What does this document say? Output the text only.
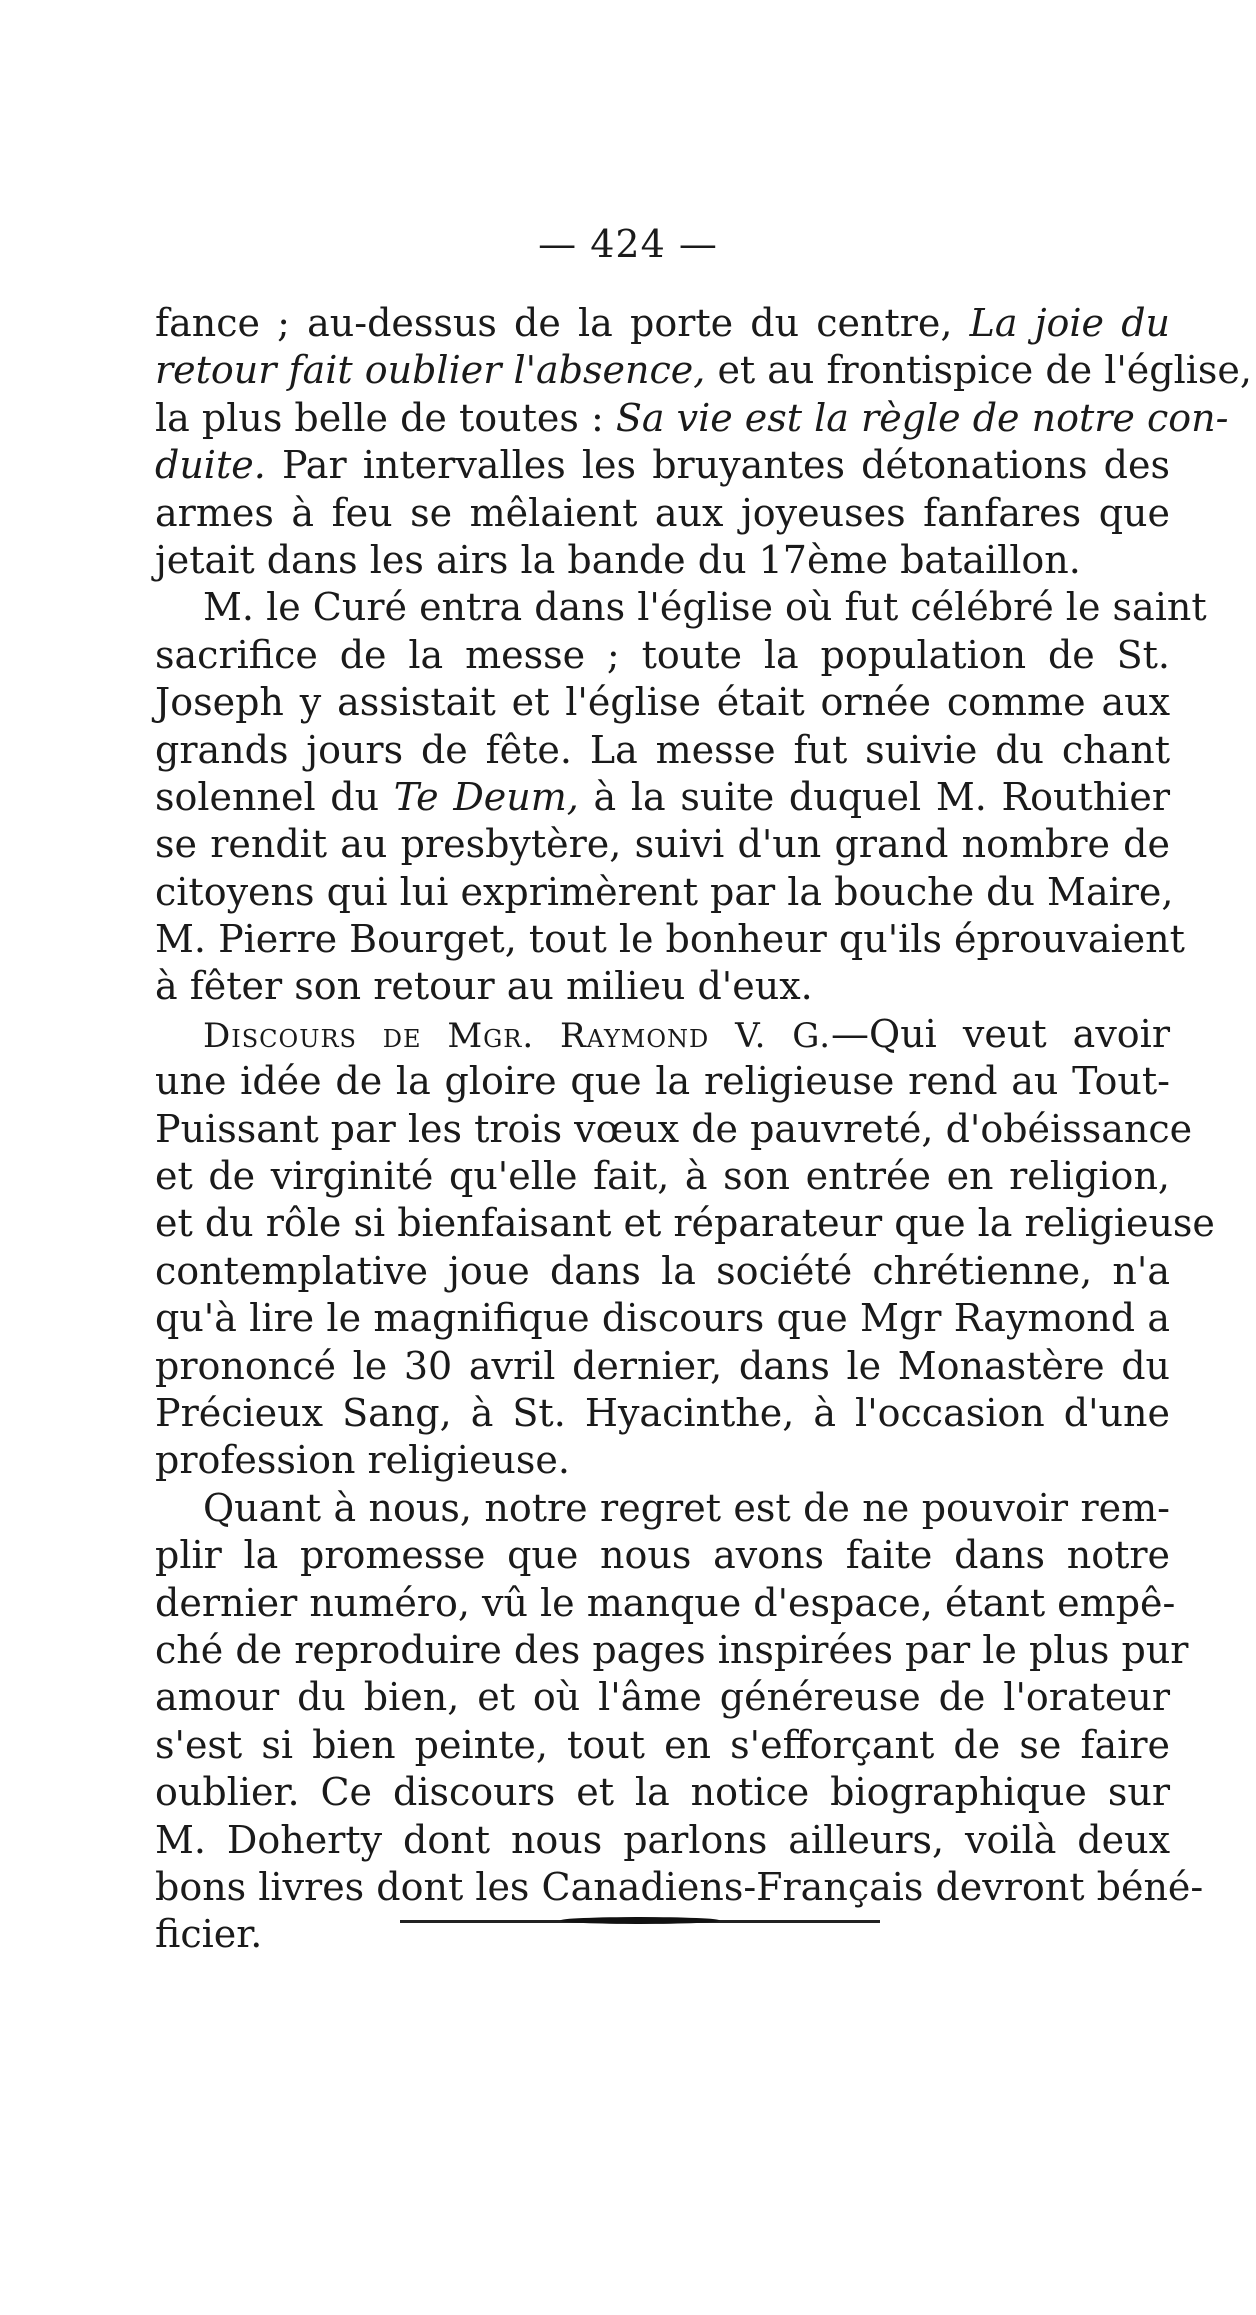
— 424 —
fance ; au-dessus de la porte du centre, La joie du
retour fait oublier l'absence, et au frontispice de l'église,
la plus belle de toutes : Sa vie est la règle de notre con-
duite. Par intervalles les bruyantes détonations des
armes à feu se mêlaient aux joyeuses fanfares que
jetait dans les airs la bande du 17ème bataillon.
M. le Curé entra dans l'église où fut célébré le saint
sacrifice de la messe ; toute la population de St.
Joseph y assistait et l'église était ornée comme aux
grands jours de fête. La messe fut suivie du chant
solennel du Te Deum, à la suite duquel M. Routhier
se rendit au presbytère, suivi d'un grand nombre de
citoyens qui lui exprimèrent par la bouche du Maire,
M. Pierre Bourget, tout le bonheur qu'ils éprouvaient
à fêter son retour au milieu d'eux.
Discours de Mgr. Raymond V. G.—Qui veut avoir
une idée de la gloire que la religieuse rend au Tout-
Puissant par les trois vœux de pauvreté, d'obéissance
et de virginité qu'elle fait, à son entrée en religion,
et du rôle si bienfaisant et réparateur que la religieuse
contemplative joue dans la société chrétienne, n'a
qu'à lire le magnifique discours que Mgr Raymond a
prononcé le 30 avril dernier, dans le Monastère du
Précieux Sang, à St. Hyacinthe, à l'occasion d'une
profession religieuse.
Quant à nous, notre regret est de ne pouvoir rem-
plir la promesse que nous avons faite dans notre
dernier numéro, vû le manque d'espace, étant empê-
ché de reproduire des pages inspirées par le plus pur
amour du bien, et où l'âme généreuse de l'orateur
s'est si bien peinte, tout en s'efforçant de se faire
oublier. Ce discours et la notice biographique sur
M. Doherty dont nous parlons ailleurs, voilà deux
bons livres dont les Canadiens-Français devront béné-
ficier.
